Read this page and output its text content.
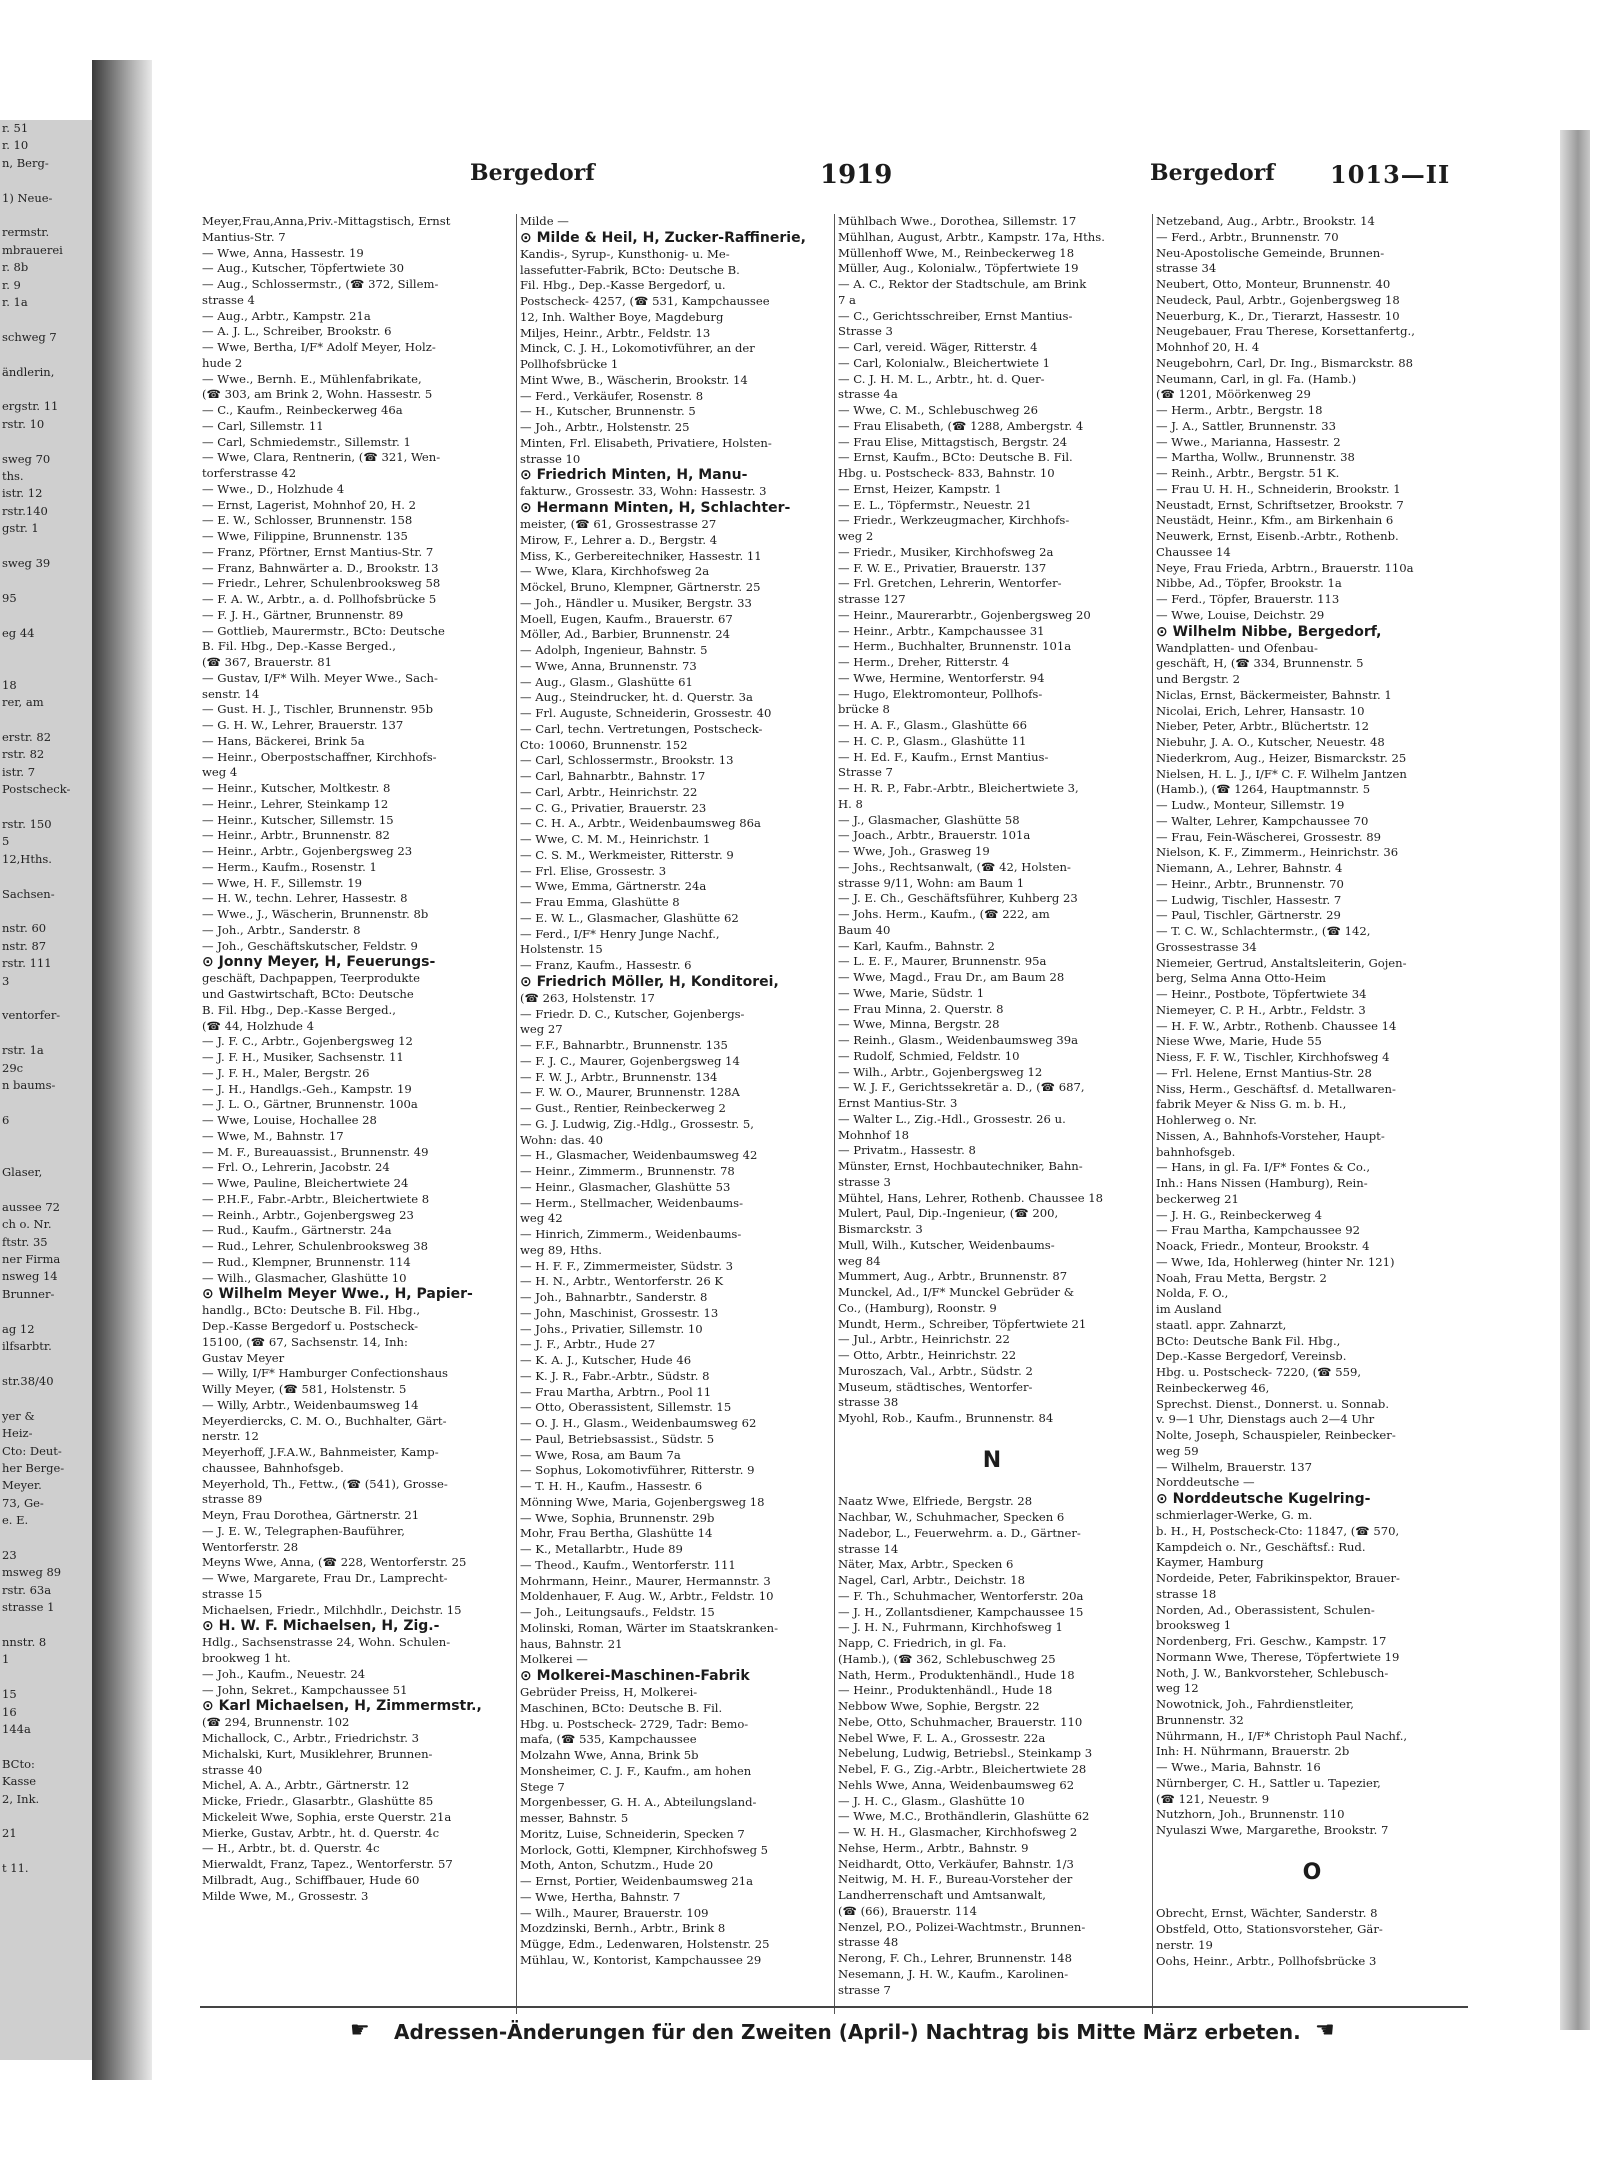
r. 51
r. 10
n, Berg-
1) Neue-
rermstr.
mbrauerei
r. 8b
r. 9
r. 1a
schweg 7
ändlerin,
ergstr. 11
rstr. 10
sweg 70
ths.
istr. 12
rstr.140
gstr. 1
sweg 39
95
eg 44
18
rer, am
erstr. 82
rstr. 82
istr. 7
Postscheck-
rstr. 150
5
12,Hths.
Sachsen-
nstr. 60
nstr. 87
rstr. 111
3
ventorfer-
rstr. 1a
29c
n baums-
6
Glaser,
aussee 72
ch o. Nr.
ftstr. 35
ner Firma
nsweg 14
Brunner-
ag 12
ilfsarbtr.
str.38/40
yer &
Heiz-
Cto: Deut-
her Berge-
Meyer.
73, Ge-
e. E.
23
msweg 89
rstr. 63a
strasse 1
nnstr. 8
1
15
16
144a
BCto:
Kasse
2, Ink.
21
t 11.
Bergedorf	1919	Bergedorf 1013—II
Meyer,Frau,Anna,Priv.-Mittagstisch, Ernst
Mantius-Str. 7
— Wwe, Anna, Hassestr. 19
— Aug., Kutscher, Töpfertwiete 30
— Aug., Schlossermstr., (☎ 372, Sillem-
strasse 4
— Aug., Arbtr., Kampstr. 21a
— A. J. L., Schreiber, Brookstr. 6
— Wwe, Bertha, I/F* Adolf Meyer, Holz-
hude 2
— Wwe., Bernh. E., Mühlenfabrikate,
(☎ 303, am Brink 2, Wohn. Hassestr. 5
— C., Kaufm., Reinbeckerweg 46a
— Carl, Sillemstr. 11
— Carl, Schmiedemstr., Sillemstr. 1
— Wwe, Clara, Rentnerin, (☎ 321, Wen-
torferstrasse 42
— Wwe., D., Holzhude 4
— Ernst, Lagerist, Mohnhof 20, H. 2
— E. W., Schlosser, Brunnenstr. 158
— Wwe, Filippine, Brunnenstr. 135
— Franz, Pförtner, Ernst Mantius-Str. 7
— Franz, Bahnwärter a. D., Brookstr. 13
— Friedr., Lehrer, Schulenbrooksweg 58
— F. A. W., Arbtr., a. d. Pollhofsbrücke 5
— F. J. H., Gärtner, Brunnenstr. 89
— Gottlieb, Maurermstr., BCto: Deutsche
B. Fil. Hbg., Dep.-Kasse Berged.,
(☎ 367, Brauerstr. 81
— Gustav, I/F* Wilh. Meyer Wwe., Sach-
senstr. 14
— Gust. H. J., Tischler, Brunnenstr. 95b
— G. H. W., Lehrer, Brauerstr. 137
— Hans, Bäckerei, Brink 5a
— Heinr., Oberpostschaffner, Kirchhofs-
weg 4
— Heinr., Kutscher, Moltkestr. 8
— Heinr., Lehrer, Steinkamp 12
— Heinr., Kutscher, Sillemstr. 15
— Heinr., Arbtr., Brunnenstr. 82
— Heinr., Arbtr., Gojenbergsweg 23
— Herm., Kaufm., Rosenstr. 1
— Wwe, H. F., Sillemstr. 19
— H. W., techn. Lehrer, Hassestr. 8
— Wwe., J., Wäscherin, Brunnenstr. 8b
— Joh., Arbtr., Sanderstr. 8
— Joh., Geschäftskutscher, Feldstr. 9
⊙ Jonny Meyer, H, Feuerungs-
geschäft, Dachpappen, Teerprodukte
und Gastwirtschaft, BCto: Deutsche
B. Fil. Hbg., Dep.-Kasse Berged.,
(☎ 44, Holzhude 4
— J. F. C., Arbtr., Gojenbergsweg 12
— J. F. H., Musiker, Sachsenstr. 11
— J. F. H., Maler, Bergstr. 26
— J. H., Handlgs.-Geh., Kampstr. 19
— J. L. O., Gärtner, Brunnenstr. 100a
— Wwe, Louise, Hochallee 28
— Wwe, M., Bahnstr. 17
— M. F., Bureauassist., Brunnenstr. 49
— Frl. O., Lehrerin, Jacobstr. 24
— Wwe, Pauline, Bleichertwiete 24
— P.H.F., Fabr.-Arbtr., Bleichertwiete 8
— Reinh., Arbtr., Gojenbergsweg 23
— Rud., Kaufm., Gärtnerstr. 24a
— Rud., Lehrer, Schulenbrooksweg 38
— Rud., Klempner, Brunnenstr. 114
— Wilh., Glasmacher, Glashütte 10
⊙ Wilhelm Meyer Wwe., H, Papier-
handlg., BCto: Deutsche B. Fil. Hbg.,
Dep.-Kasse Bergedorf u. Postscheck-
15100, (☎ 67, Sachsenstr. 14, Inh:
Gustav Meyer
— Willy, I/F* Hamburger Confectionshaus
Willy Meyer, (☎ 581, Holstenstr. 5
— Willy, Arbtr., Weidenbaumsweg 14
Meyerdiercks, C. M. O., Buchhalter, Gärt-
nerstr. 12
Meyerhoff, J.F.A.W., Bahnmeister, Kamp-
chaussee, Bahnhofsgeb.
Meyerhold, Th., Fettw., (☎ (541), Grosse-
strasse 89
Meyn, Frau Dorothea, Gärtnerstr. 21
— J. E. W., Telegraphen-Bauführer,
Wentorferstr. 28
Meyns Wwe, Anna, (☎ 228, Wentorferstr. 25
— Wwe, Margarete, Frau Dr., Lamprecht-
strasse 15
Michaelsen, Friedr., Milchhdlr., Deichstr. 15
⊙ H. W. F. Michaelsen, H, Zig.-
Hdlg., Sachsenstrasse 24, Wohn. Schulen-
brookweg 1 ht.
— Joh., Kaufm., Neuestr. 24
— John, Sekret., Kampchaussee 51
⊙ Karl Michaelsen, H, Zimmermstr.,
(☎ 294, Brunnenstr. 102
Michallock, C., Arbtr., Friedrichstr. 3
Michalski, Kurt, Musiklehrer, Brunnen-
strasse 40
Michel, A. A., Arbtr., Gärtnerstr. 12
Micke, Friedr., Glasarbtr., Glashütte 85
Mickeleit Wwe, Sophia, erste Querstr. 21a
Mierke, Gustav, Arbtr., ht. d. Querstr. 4c
— H., Arbtr., bt. d. Querstr. 4c
Mierwaldt, Franz, Tapez., Wentorferstr. 57
Milbradt, Aug., Schiffbauer, Hude 60
Milde Wwe, M., Grossestr. 3
Milde —
⊙ Milde & Heil, H, Zucker-Raffinerie,
Kandis-, Syrup-, Kunsthonig- u. Me-
lassefutter-Fabrik, BCto: Deutsche B.
Fil. Hbg., Dep.-Kasse Bergedorf, u.
Postscheck- 4257, (☎ 531, Kampchaussee
12, Inh. Walther Boye, Magdeburg
Miljes, Heinr., Arbtr., Feldstr. 13
Minck, C. J. H., Lokomotivführer, an der
Pollhofsbrücke 1
Mint Wwe, B., Wäscherin, Brookstr. 14
— Ferd., Verkäufer, Rosenstr. 8
— H., Kutscher, Brunnenstr. 5
— Joh., Arbtr., Holstenstr. 25
Minten, Frl. Elisabeth, Privatiere, Holsten-
strasse 10
⊙ Friedrich Minten, H, Manu-
fakturw., Grossestr. 33, Wohn: Hassestr. 3
⊙ Hermann Minten, H, Schlachter-
meister, (☎ 61, Grossestrasse 27
Mirow, F., Lehrer a. D., Bergstr. 4
Miss, K., Gerbereitechniker, Hassestr. 11
— Wwe, Klara, Kirchhofsweg 2a
Möckel, Bruno, Klempner, Gärtnerstr. 25
— Joh., Händler u. Musiker, Bergstr. 33
Moell, Eugen, Kaufm., Brauerstr. 67
Möller, Ad., Barbier, Brunnenstr. 24
— Adolph, Ingenieur, Bahnstr. 5
— Wwe, Anna, Brunnenstr. 73
— Aug., Glasm., Glashütte 61
— Aug., Steindrucker, ht. d. Querstr. 3a
— Frl. Auguste, Schneiderin, Grossestr. 40
— Carl, techn. Vertretungen, Postscheck-
Cto: 10060, Brunnenstr. 152
— Carl, Schlossermstr., Brookstr. 13
— Carl, Bahnarbtr., Bahnstr. 17
— Carl, Arbtr., Heinrichstr. 22
— C. G., Privatier, Brauerstr. 23
— C. H. A., Arbtr., Weidenbaumsweg 86a
— Wwe, C. M. M., Heinrichstr. 1
— C. S. M., Werkmeister, Ritterstr. 9
— Frl. Elise, Grossestr. 3
— Wwe, Emma, Gärtnerstr. 24a
— Frau Emma, Glashütte 8
— E. W. L., Glasmacher, Glashütte 62
— Ferd., I/F* Henry Junge Nachf.,
Holstenstr. 15
— Franz, Kaufm., Hassestr. 6
⊙ Friedrich Möller, H, Konditorei,
(☎ 263, Holstenstr. 17
— Friedr. D. C., Kutscher, Gojenbergs-
weg 27
— F.F., Bahnarbtr., Brunnenstr. 135
— F. J. C., Maurer, Gojenbergsweg 14
— F. W. J., Arbtr., Brunnenstr. 134
— F. W. O., Maurer, Brunnenstr. 128A
— Gust., Rentier, Reinbeckerweg 2
— G. J. Ludwig, Zig.-Hdlg., Grossestr. 5,
Wohn: das. 40
— H., Glasmacher, Weidenbaumsweg 42
— Heinr., Zimmerm., Brunnenstr. 78
— Heinr., Glasmacher, Glashütte 53
— Herm., Stellmacher, Weidenbaums-
weg 42
— Hinrich, Zimmerm., Weidenbaums-
weg 89, Hths.
— H. F. F., Zimmermeister, Südstr. 3
— H. N., Arbtr., Wentorferstr. 26 K
— Joh., Bahnarbtr., Sanderstr. 8
— John, Maschinist, Grossestr. 13
— Johs., Privatier, Sillemstr. 10
— J. F., Arbtr., Hude 27
— K. A. J., Kutscher, Hude 46
— K. J. R., Fabr.-Arbtr., Südstr. 8
— Frau Martha, Arbtrn., Pool 11
— Otto, Oberassistent, Sillemstr. 15
— O. J. H., Glasm., Weidenbaumsweg 62
— Paul, Betriebsassist., Südstr. 5
— Wwe, Rosa, am Baum 7a
— Sophus, Lokomotivführer, Ritterstr. 9
— T. H. H., Kaufm., Hassestr. 6
Mönning Wwe, Maria, Gojenbergsweg 18
— Wwe, Sophia, Brunnenstr. 29b
Mohr, Frau Bertha, Glashütte 14
— K., Metallarbtr., Hude 89
— Theod., Kaufm., Wentorferstr. 111
Mohrmann, Heinr., Maurer, Hermannstr. 3
Moldenhauer, F. Aug. W., Arbtr., Feldstr. 10
— Joh., Leitungsaufs., Feldstr. 15
Molinski, Roman, Wärter im Staatskranken-
haus, Bahnstr. 21
Molkerei —
⊙ Molkerei-Maschinen-Fabrik
Gebrüder Preiss, H, Molkerei-
Maschinen, BCto: Deutsche B. Fil.
Hbg. u. Postscheck- 2729, Tadr: Bemo-
mafa, (☎ 535, Kampchaussee
Molzahn Wwe, Anna, Brink 5b
Monsheimer, C. J. F., Kaufm., am hohen
Stege 7
Morgenbesser, G. H. A., Abteilungsland-
messer, Bahnstr. 5
Moritz, Luise, Schneiderin, Specken 7
Morlock, Gotti, Klempner, Kirchhofsweg 5
Moth, Anton, Schutzm., Hude 20
— Ernst, Portier, Weidenbaumsweg 21a
— Wwe, Hertha, Bahnstr. 7
— Wilh., Maurer, Brauerstr. 109
Mozdzinski, Bernh., Arbtr., Brink 8
Mügge, Edm., Ledenwaren, Holstenstr. 25
Mühlau, W., Kontorist, Kampchaussee 29
Mühlbach Wwe., Dorothea, Sillemstr. 17
Mühlhan, August, Arbtr., Kampstr. 17a, Hths.
Müllenhoff Wwe, M., Reinbeckerweg 18
Müller, Aug., Kolonialw., Töpfertwiete 19
— A. C., Rektor der Stadtschule, am Brink
7 a
— C., Gerichtsschreiber, Ernst Mantius-
Strasse 3
— Carl, vereid. Wäger, Ritterstr. 4
— Carl, Kolonialw., Bleichertwiete 1
— C. J. H. M. L., Arbtr., ht. d. Quer-
strasse 4a
— Wwe, C. M., Schlebuschweg 26
— Frau Elisabeth, (☎ 1288, Ambergstr. 4
— Frau Elise, Mittagstisch, Bergstr. 24
— Ernst, Kaufm., BCto: Deutsche B. Fil.
Hbg. u. Postscheck- 833, Bahnstr. 10
— Ernst, Heizer, Kampstr. 1
— E. L., Töpfermstr., Neuestr. 21
— Friedr., Werkzeugmacher, Kirchhofs-
weg 2
— Friedr., Musiker, Kirchhofsweg 2a
— F. W. E., Privatier, Brauerstr. 137
— Frl. Gretchen, Lehrerin, Wentorfer-
strasse 127
— Heinr., Maurerarbtr., Gojenbergsweg 20
— Heinr., Arbtr., Kampchaussee 31
— Herm., Buchhalter, Brunnenstr. 101a
— Herm., Dreher, Ritterstr. 4
— Wwe, Hermine, Wentorferstr. 94
— Hugo, Elektromonteur, Pollhofs-
brücke 8
— H. A. F., Glasm., Glashütte 66
— H. C. P., Glasm., Glashütte 11
— H. Ed. F., Kaufm., Ernst Mantius-
Strasse 7
— H. R. P., Fabr.-Arbtr., Bleichertwiete 3,
H. 8
— J., Glasmacher, Glashütte 58
— Joach., Arbtr., Brauerstr. 101a
— Wwe, Joh., Grasweg 19
— Johs., Rechtsanwalt, (☎ 42, Holsten-
strasse 9/11, Wohn: am Baum 1
— J. E. Ch., Geschäftsführer, Kuhberg 23
— Johs. Herm., Kaufm., (☎ 222, am
Baum 40
— Karl, Kaufm., Bahnstr. 2
— L. E. F., Maurer, Brunnenstr. 95a
— Wwe, Magd., Frau Dr., am Baum 28
— Wwe, Marie, Südstr. 1
— Frau Minna, 2. Querstr. 8
— Wwe, Minna, Bergstr. 28
— Reinh., Glasm., Weidenbaumsweg 39a
— Rudolf, Schmied, Feldstr. 10
— Wilh., Arbtr., Gojenbergsweg 12
— W. J. F., Gerichtssekretär a. D., (☎ 687,
Ernst Mantius-Str. 3
— Walter L., Zig.-Hdl., Grossestr. 26 u.
Mohnhof 18
— Privatm., Hassestr. 8
Münster, Ernst, Hochbautechniker, Bahn-
strasse 3
Mühtel, Hans, Lehrer, Rothenb. Chaussee 18
Mulert, Paul, Dip.-Ingenieur, (☎ 200,
Bismarckstr. 3
Mull, Wilh., Kutscher, Weidenbaums-
weg 84
Mummert, Aug., Arbtr., Brunnenstr. 87
Munckel, Ad., I/F* Munckel Gebrüder &
Co., (Hamburg), Roonstr. 9
Mundt, Herm., Schreiber, Töpfertwiete 21
— Jul., Arbtr., Heinrichstr. 22
— Otto, Arbtr., Heinrichstr. 22
Muroszach, Val., Arbtr., Südstr. 2
Museum, städtisches, Wentorfer-
strasse 38
Myohl, Rob., Kaufm., Brunnenstr. 84
N
Naatz Wwe, Elfriede, Bergstr. 28
Nachbar, W., Schuhmacher, Specken 6
Nadebor, L., Feuerwehrm. a. D., Gärtner-
strasse 14
Näter, Max, Arbtr., Specken 6
Nagel, Carl, Arbtr., Deichstr. 18
— F. Th., Schuhmacher, Wentorferstr. 20a
— J. H., Zollantsdiener, Kampchaussee 15
— J. H. N., Fuhrmann, Kirchhofsweg 1
Napp, C. Friedrich, in gl. Fa.
(Hamb.), (☎ 362, Schlebuschweg 25
Nath, Herm., Produktenhändl., Hude 18
— Heinr., Produktenhändl., Hude 18
Nebbow Wwe, Sophie, Bergstr. 22
Nebe, Otto, Schuhmacher, Brauerstr. 110
Nebel Wwe, F. L. A., Grossestr. 22a
Nebelung, Ludwig, Betriebsl., Steinkamp 3
Nebel, F. G., Zig.-Arbtr., Bleichertwiete 28
Nehls Wwe, Anna, Weidenbaumsweg 62
— J. H. C., Glasm., Glashütte 10
— Wwe, M.C., Brothändlerin, Glashütte 62
— W. H. H., Glasmacher, Kirchhofsweg 2
Nehse, Herm., Arbtr., Bahnstr. 9
Neidhardt, Otto, Verkäufer, Bahnstr. 1/3
Neitwig, M. H. F., Bureau-Vorsteher der
Landherrenschaft und Amtsanwalt,
(☎ (66), Brauerstr. 114
Nenzel, P.O., Polizei-Wachtmstr., Brunnen-
strasse 48
Nerong, F. Ch., Lehrer, Brunnenstr. 148
Nesemann, J. H. W., Kaufm., Karolinen-
strasse 7
Netzeband, Aug., Arbtr., Brookstr. 14
— Ferd., Arbtr., Brunnenstr. 70
Neu-Apostolische Gemeinde, Brunnen-
strasse 34
Neubert, Otto, Monteur, Brunnenstr. 40
Neudeck, Paul, Arbtr., Gojenbergsweg 18
Neuerburg, K., Dr., Tierarzt, Hassestr. 10
Neugebauer, Frau Therese, Korsettanfertg.,
Mohnhof 20, H. 4
Neugebohrn, Carl, Dr. Ing., Bismarckstr. 88
Neumann, Carl, in gl. Fa. (Hamb.)
(☎ 1201, Möörkenweg 29
— Herm., Arbtr., Bergstr. 18
— J. A., Sattler, Brunnenstr. 33
— Wwe., Marianna, Hassestr. 2
— Martha, Wollw., Brunnenstr. 38
— Reinh., Arbtr., Bergstr. 51 K.
— Frau U. H. H., Schneiderin, Brookstr. 1
Neustadt, Ernst, Schriftsetzer, Brookstr. 7
Neustädt, Heinr., Kfm., am Birkenhain 6
Neuwerk, Ernst, Eisenb.-Arbtr., Rothenb.
Chaussee 14
Neye, Frau Frieda, Arbtrn., Brauerstr. 110a
Nibbe, Ad., Töpfer, Brookstr. 1a
— Ferd., Töpfer, Brauerstr. 113
— Wwe, Louise, Deichstr. 29
⊙ Wilhelm Nibbe, Bergedorf,
Wandplatten- und Ofenbau-
geschäft, H, (☎ 334, Brunnenstr. 5
und Bergstr. 2
Niclas, Ernst, Bäckermeister, Bahnstr. 1
Nicolai, Erich, Lehrer, Hansastr. 10
Nieber, Peter, Arbtr., Blüchertstr. 12
Niebuhr, J. A. O., Kutscher, Neuestr. 48
Niederkrom, Aug., Heizer, Bismarckstr. 25
Nielsen, H. L. J., I/F* C. F. Wilhelm Jantzen
(Hamb.), (☎ 1264, Hauptmannstr. 5
— Ludw., Monteur, Sillemstr. 19
— Walter, Lehrer, Kampchaussee 70
— Frau, Fein-Wäscherei, Grossestr. 89
Nielson, K. F., Zimmerm., Heinrichstr. 36
Niemann, A., Lehrer, Bahnstr. 4
— Heinr., Arbtr., Brunnenstr. 70
— Ludwig, Tischler, Hassestr. 7
— Paul, Tischler, Gärtnerstr. 29
— T. C. W., Schlachtermstr., (☎ 142,
Grossestrasse 34
Niemeier, Gertrud, Anstaltsleiterin, Gojen-
berg, Selma Anna Otto-Heim
— Heinr., Postbote, Töpfertwiete 34
Niemeyer, C. P. H., Arbtr., Feldstr. 3
— H. F. W., Arbtr., Rothenb. Chaussee 14
Niese Wwe, Marie, Hude 55
Niess, F. F. W., Tischler, Kirchhofsweg 4
— Frl. Helene, Ernst Mantius-Str. 28
Niss, Herm., Geschäftsf. d. Metallwaren-
fabrik Meyer & Niss G. m. b. H.,
Hohlerweg o. Nr.
Nissen, A., Bahnhofs-Vorsteher, Haupt-
bahnhofsgeb.
— Hans, in gl. Fa. I/F* Fontes & Co.,
Inh.: Hans Nissen (Hamburg), Rein-
beckerweg 21
— J. H. G., Reinbeckerweg 4
— Frau Martha, Kampchaussee 92
Noack, Friedr., Monteur, Brookstr. 4
— Wwe, Ida, Hohlerweg (hinter Nr. 121)
Noah, Frau Metta, Bergstr. 2
Nolda, F. O.,
im Ausland
staatl. appr. Zahnarzt,
BCto: Deutsche Bank Fil. Hbg.,
Dep.-Kasse Bergedorf, Vereinsb.
Hbg. u. Postscheck- 7220, (☎ 559,
Reinbeckerweg 46,
Sprechst. Dienst., Donnerst. u. Sonnab.
v. 9—1 Uhr, Dienstags auch 2—4 Uhr
Nolte, Joseph, Schauspieler, Reinbecker-
weg 59
— Wilhelm, Brauerstr. 137
Norddeutsche —
⊙ Norddeutsche Kugelring-
schmierlager-Werke, G. m.
b. H., H, Postscheck-Cto: 11847, (☎ 570,
Kampdeich o. Nr., Geschäftsf.: Rud.
Kaymer, Hamburg
Nordeide, Peter, Fabrikinspektor, Brauer-
strasse 18
Norden, Ad., Oberassistent, Schulen-
brooksweg 1
Nordenberg, Fri. Geschw., Kampstr. 17
Normann Wwe, Therese, Töpfertwiete 19
Noth, J. W., Bankvorsteher, Schlebusch-
weg 12
Nowotnick, Joh., Fahrdienstleiter,
Brunnenstr. 32
Nührmann, H., I/F* Christoph Paul Nachf.,
Inh: H. Nührmann, Brauerstr. 2b
— Wwe., Maria, Bahnstr. 16
Nürnberger, C. H., Sattler u. Tapezier,
(☎ 121, Neuestr. 9
Nutzhorn, Joh., Brunnenstr. 110
Nyulaszi Wwe, Margarethe, Brookstr. 7
O
Obrecht, Ernst, Wächter, Sanderstr. 8
Obstfeld, Otto, Stationsvorsteher, Gär-
nerstr. 19
Oohs, Heinr., Arbtr., Pollhofsbrücke 3
☛ Adressen-Änderungen für den Zweiten (April-) Nachtrag bis Mitte März erbeten. ☚
